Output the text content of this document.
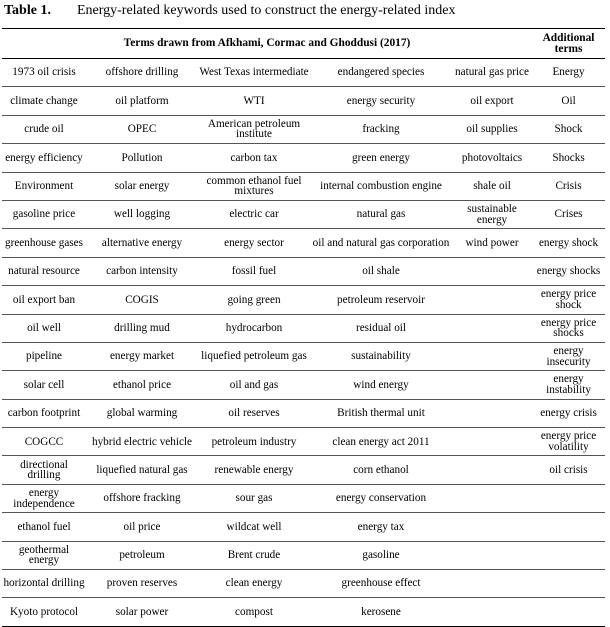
Table 1. Energy-related keywords used to construct the energy-related index
Terms drawn from Afkhami, Cormac and Ghoddusi (2017)					Additional terms
1973 oil crisis	offshore drilling	West Texas intermediate	endangered species	natural gas price	Energy
climate change	oil platform	WTI	energy security	oil export	Oil
crude oil	OPEC	American petroleum institute	fracking	oil supplies	Shock
energy efficiency	Pollution	carbon tax	green energy	photovoltaics	Shocks
Environment	solar energy	common ethanol fuel mixtures	internal combustion engine	shale oil	Crisis
gasoline price	well logging	electric car	natural gas	sustainable energy	Crises
greenhouse gases	alternative energy	energy sector	oil and natural gas corporation	wind power	energy shock
natural resource	carbon intensity	fossil fuel	oil shale		energy shocks
oil export ban	COGIS	going green	petroleum reservoir		energy price shock
oil well	drilling mud	hydrocarbon	residual oil		energy price shocks
pipeline	energy market	liquefied petroleum gas	sustainability		energy insecurity
solar cell	ethanol price	oil and gas	wind energy		energy instability
carbon footprint	global warming	oil reserves	British thermal unit		energy crisis
COGCC	hybrid electric vehicle	petroleum industry	clean energy act 2011		energy price volatility
directional drilling	liquefied natural gas	renewable energy	corn ethanol		oil crisis
energy independence	offshore fracking	sour gas	energy conservation		
ethanol fuel	oil price	wildcat well	energy tax		
geothermal energy	petroleum	Brent crude	gasoline		
horizontal drilling	proven reserves	clean energy	greenhouse effect		
Kyoto protocol	solar power	compost	kerosene		
